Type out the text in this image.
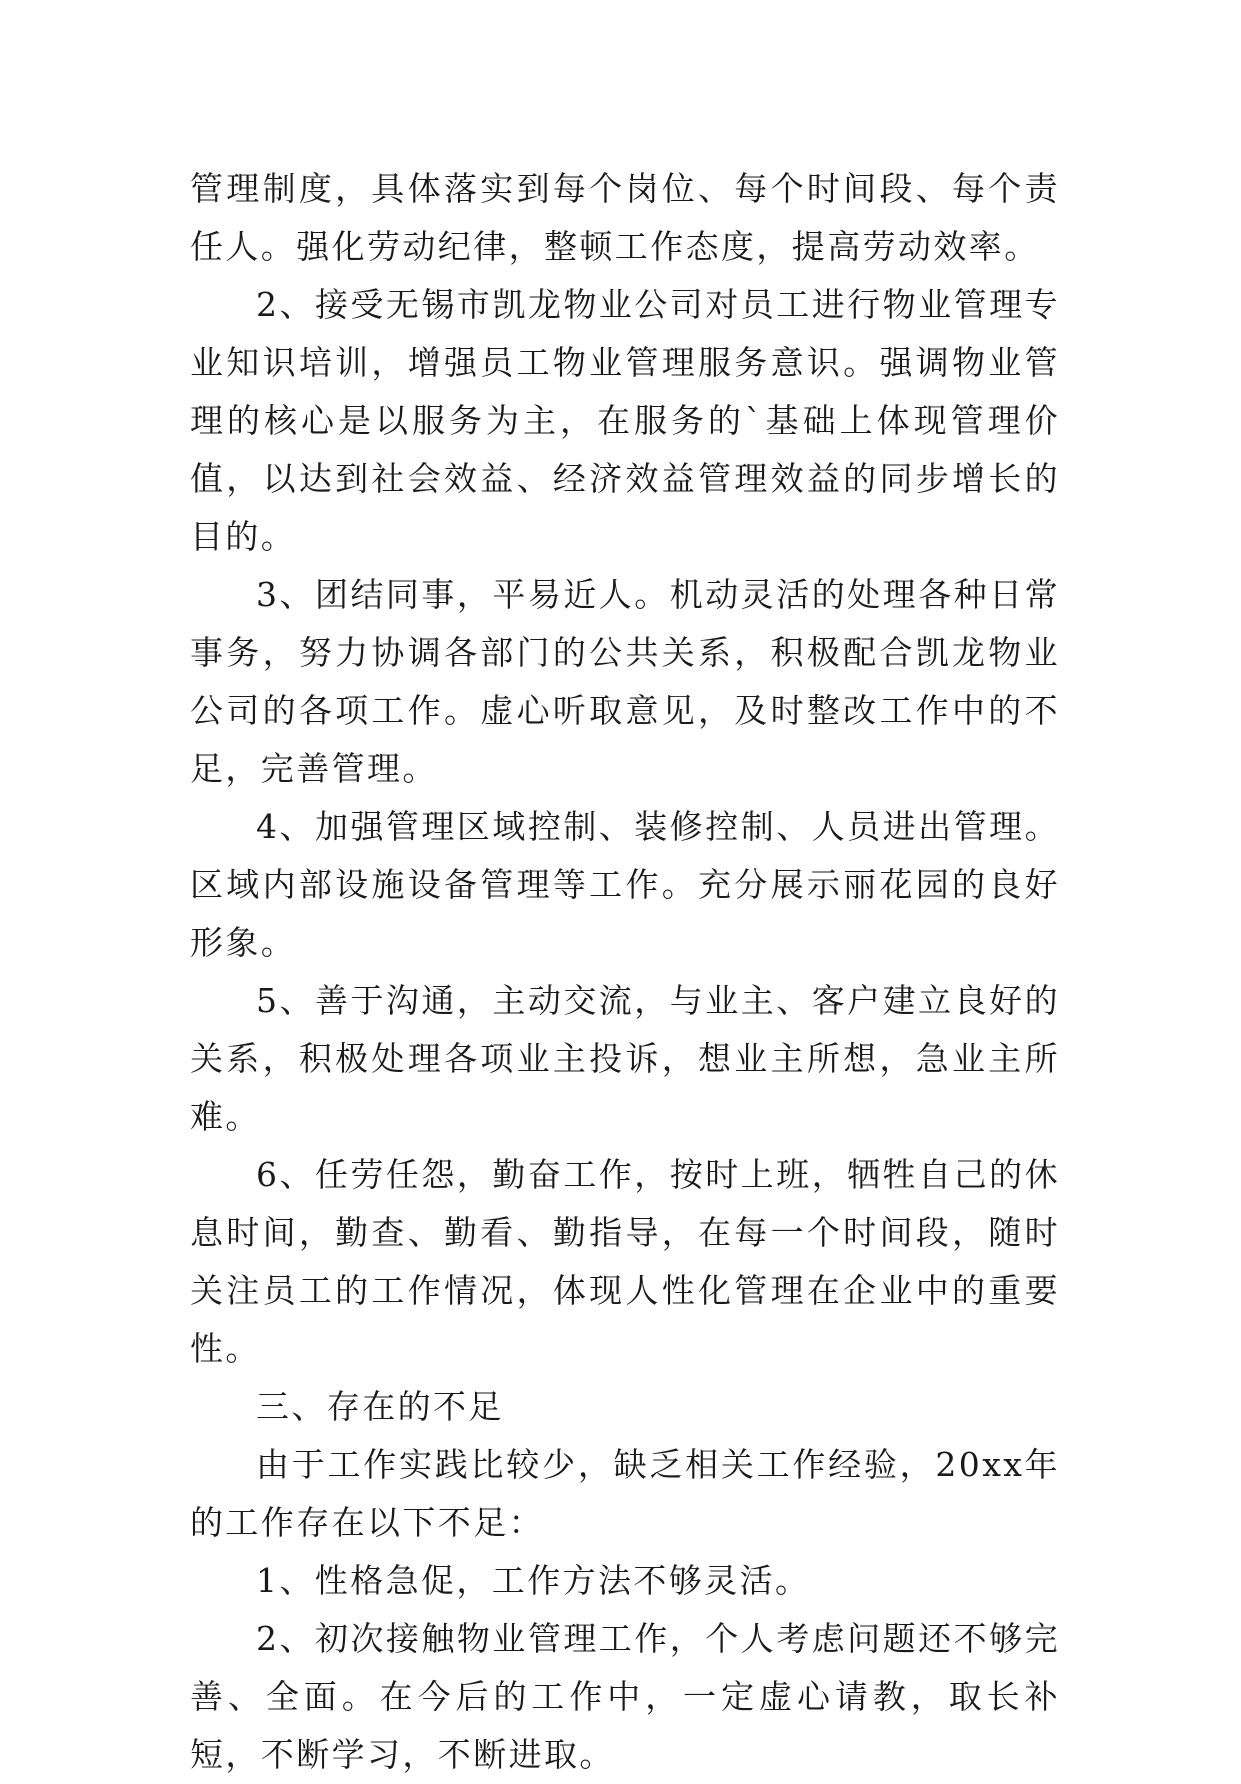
管理制度，具体落实到每个岗位、每个时间段、每个责任人。强化劳动纪律，整顿工作态度，提高劳动效率。

2、接受无锡市凯龙物业公司对员工进行物业管理专业知识培训，增强员工物业管理服务意识。强调物业管理的核心是以服务为主，在服务的`基础上体现管理价值，以达到社会效益、经济效益管理效益的同步增长的目的。

3、团结同事，平易近人。机动灵活的处理各种日常事务，努力协调各部门的公共关系，积极配合凯龙物业公司的各项工作。虚心听取意见，及时整改工作中的不足，完善管理。

4、加强管理区域控制、装修控制、人员进出管理。区域内部设施设备管理等工作。充分展示丽花园的良好形象。

5、善于沟通，主动交流，与业主、客户建立良好的关系，积极处理各项业主投诉，想业主所想，急业主所难。

6、任劳任怨，勤奋工作，按时上班，牺牲自己的休息时间，勤查、勤看、勤指导，在每一个时间段，随时关注员工的工作情况，体现人性化管理在企业中的重要性。

三、存在的不足

由于工作实践比较少，缺乏相关工作经验，20xx年的工作存在以下不足：

1、性格急促，工作方法不够灵活。

2、初次接触物业管理工作，个人考虑问题还不够完善、全面。在今后的工作中，一定虚心请教，取长补短，不断学习，不断进取。
